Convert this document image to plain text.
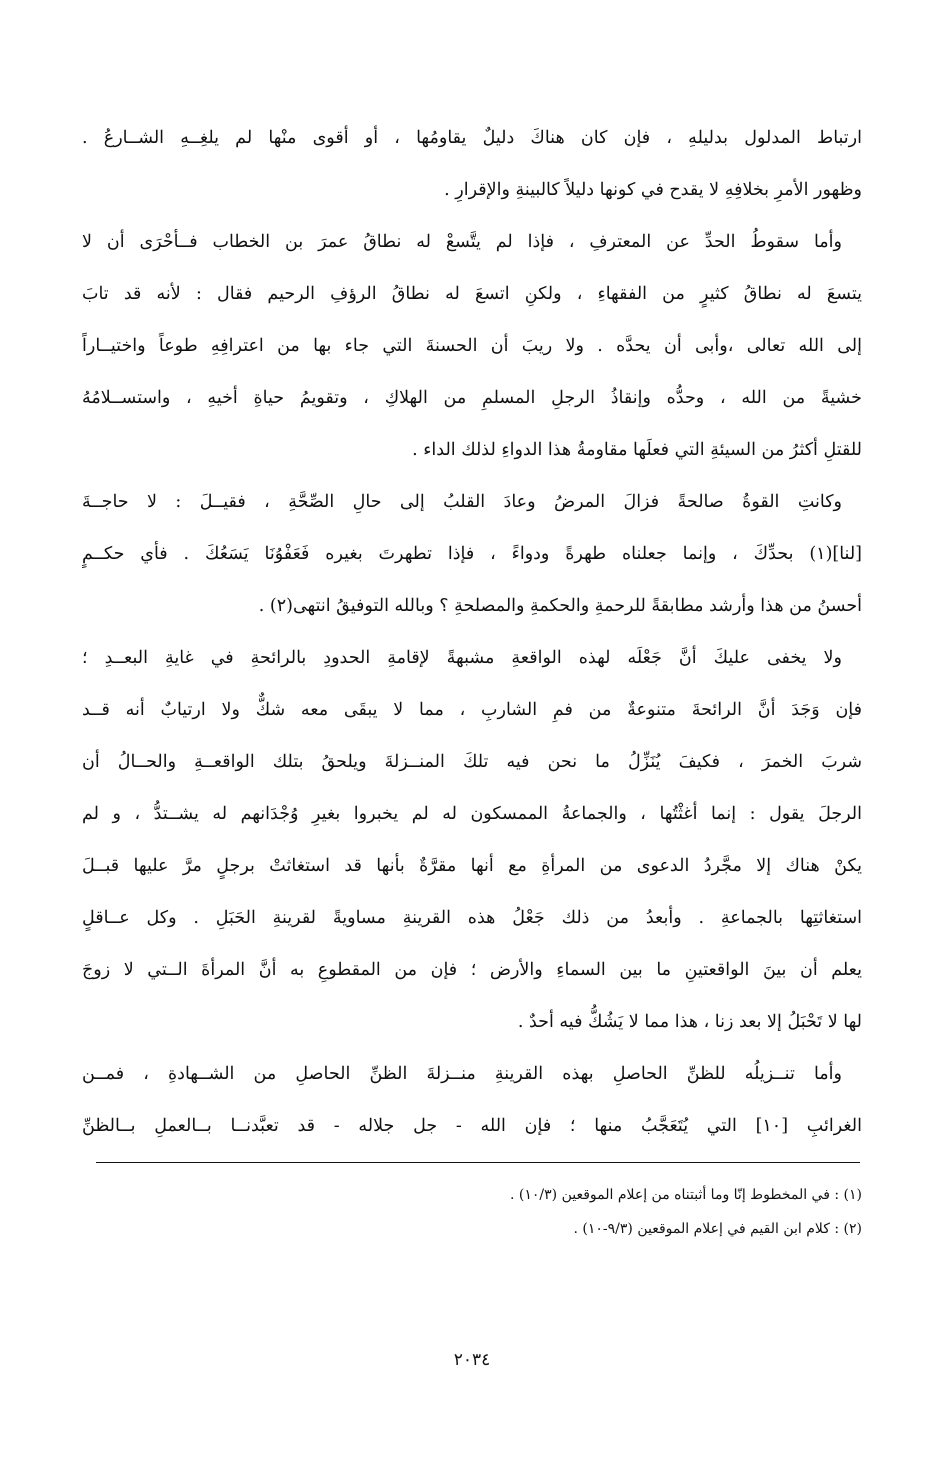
ارتباط المدلول بدليلهِ ، فإن كان هناكَ دليلٌ يقاومُها ، أو أقوى منْها لم يلغِــهِ الشــارعُ .
وظهور الأمرِ بخلافِهِ لا يقدح في كونها دليلاً كالبينةِ والإقرارِ .
وأما سقوطُ الحدِّ عن المعترفِ ، فإذا لم يتَّسعْ له نطاقُ عمرَ بن الخطاب فــأحْرَى أن لا
يتسعَ له نطاقُ كثيرٍ من الفقهاءِ ، ولكنِ اتسعَ له نطاقُ الرؤفِ الرحيم فقال : لأنه قد تابَ
إلى الله تعالى ،وأبى أن يحدَّه . ولا ريبَ أن الحسنةَ التي جاء بها من اعترافِهِ طوعاً واختيــاراً
خشيةً من الله ، وحدُّه وإنقاذُ الرجلِ المسلمِ من الهلاكِ ، وتقويمُ حياةِ أخيهِ ، واستســلامُهُ
للقتلِ أكثرُ من السيئةِ التي فعلَها مقاومةُ هذا الدواءِ لذلك الداء .
وكانتِ القوةُ صالحةً فزالَ المرضُ وعادَ القلبُ إلى حالِ الصِّحَّةِ ، فقيــلَ : لا حاجــةَ
[لنا](١) بحدِّكَ ، وإنما جعلناه طهرةً ودواءً ، فإذا تطهرتَ بغيره فَعَفْوُنَا يَسَعُكَ . فأي حكــمٍ
أحسنُ من هذا وأرشد مطابقةً للرحمةِ والحكمةِ والمصلحةِ ؟ وبالله التوفيقُ انتهى(٢) .
ولا يخفى عليكَ أنَّ جَعْلَه لهذه الواقعةِ مشبهةً لإقامةِ الحدودِ بالرائحةِ في غايةِ البعــدِ ؛
فإن وَجَدَ أنَّ الرائحةَ متنوعةٌ من فمِ الشاربِ ، مما لا يبقَى معه شكٌّ ولا ارتيابٌ أنه قــد
شربَ الخمرَ ، فكيفَ يُنَزِّلُ ما نحن فيه تلكَ المنــزلةَ ويلحقُ بتلك الواقعــةِ والحــالُ أن
الرجلَ يقول : إنما أغثْتُها ، والجماعةُ الممسكون له لم يخبروا بغيرِ وُجْدَانهم له يشــتدُّ ، و لم
يكنْ هناك إلا مجَّردُ الدعوى من المرأةِ مع أنها مقرَّةٌ بأنها قد استغاثتْ برجلٍ مرَّ عليها قبــلَ
استغاثتِها بالجماعةِ . وأبعدُ من ذلك جَعْلُ هذه القرينةِ مساويةً لقرينةِ الحَبَلِ . وكل عــاقلٍ
يعلم أن بينَ الواقعتينِ ما بين السماءِ والأرض ؛ فإن من المقطوعِ به أنَّ المرأةَ الــتي لا زوجَ
لها لا تَحْبَلُ إلا بعد زنا ، هذا مما لا يَشُكُّ فيه أحدٌ .
وأما تنــزيلُه للظنِّ الحاصلِ بهذه القرينةِ منــزلةَ الظنِّ الحاصلِ من الشــهادةِ ، فمــن
الغرائبِ [١٠] التي يُتَعَجَّبُ منها ؛ فإن الله - جل جلاله - قد تعبَّدنــا بــالعملِ بــالظنِّ
(١) : في المخطوط إنّا وما أثبتناه من إعلام الموقعين (١٠/٣) .
(٢) : كلام ابن القيم في إعلام الموقعين (٩/٣-١٠) .
٢٠٣٤
